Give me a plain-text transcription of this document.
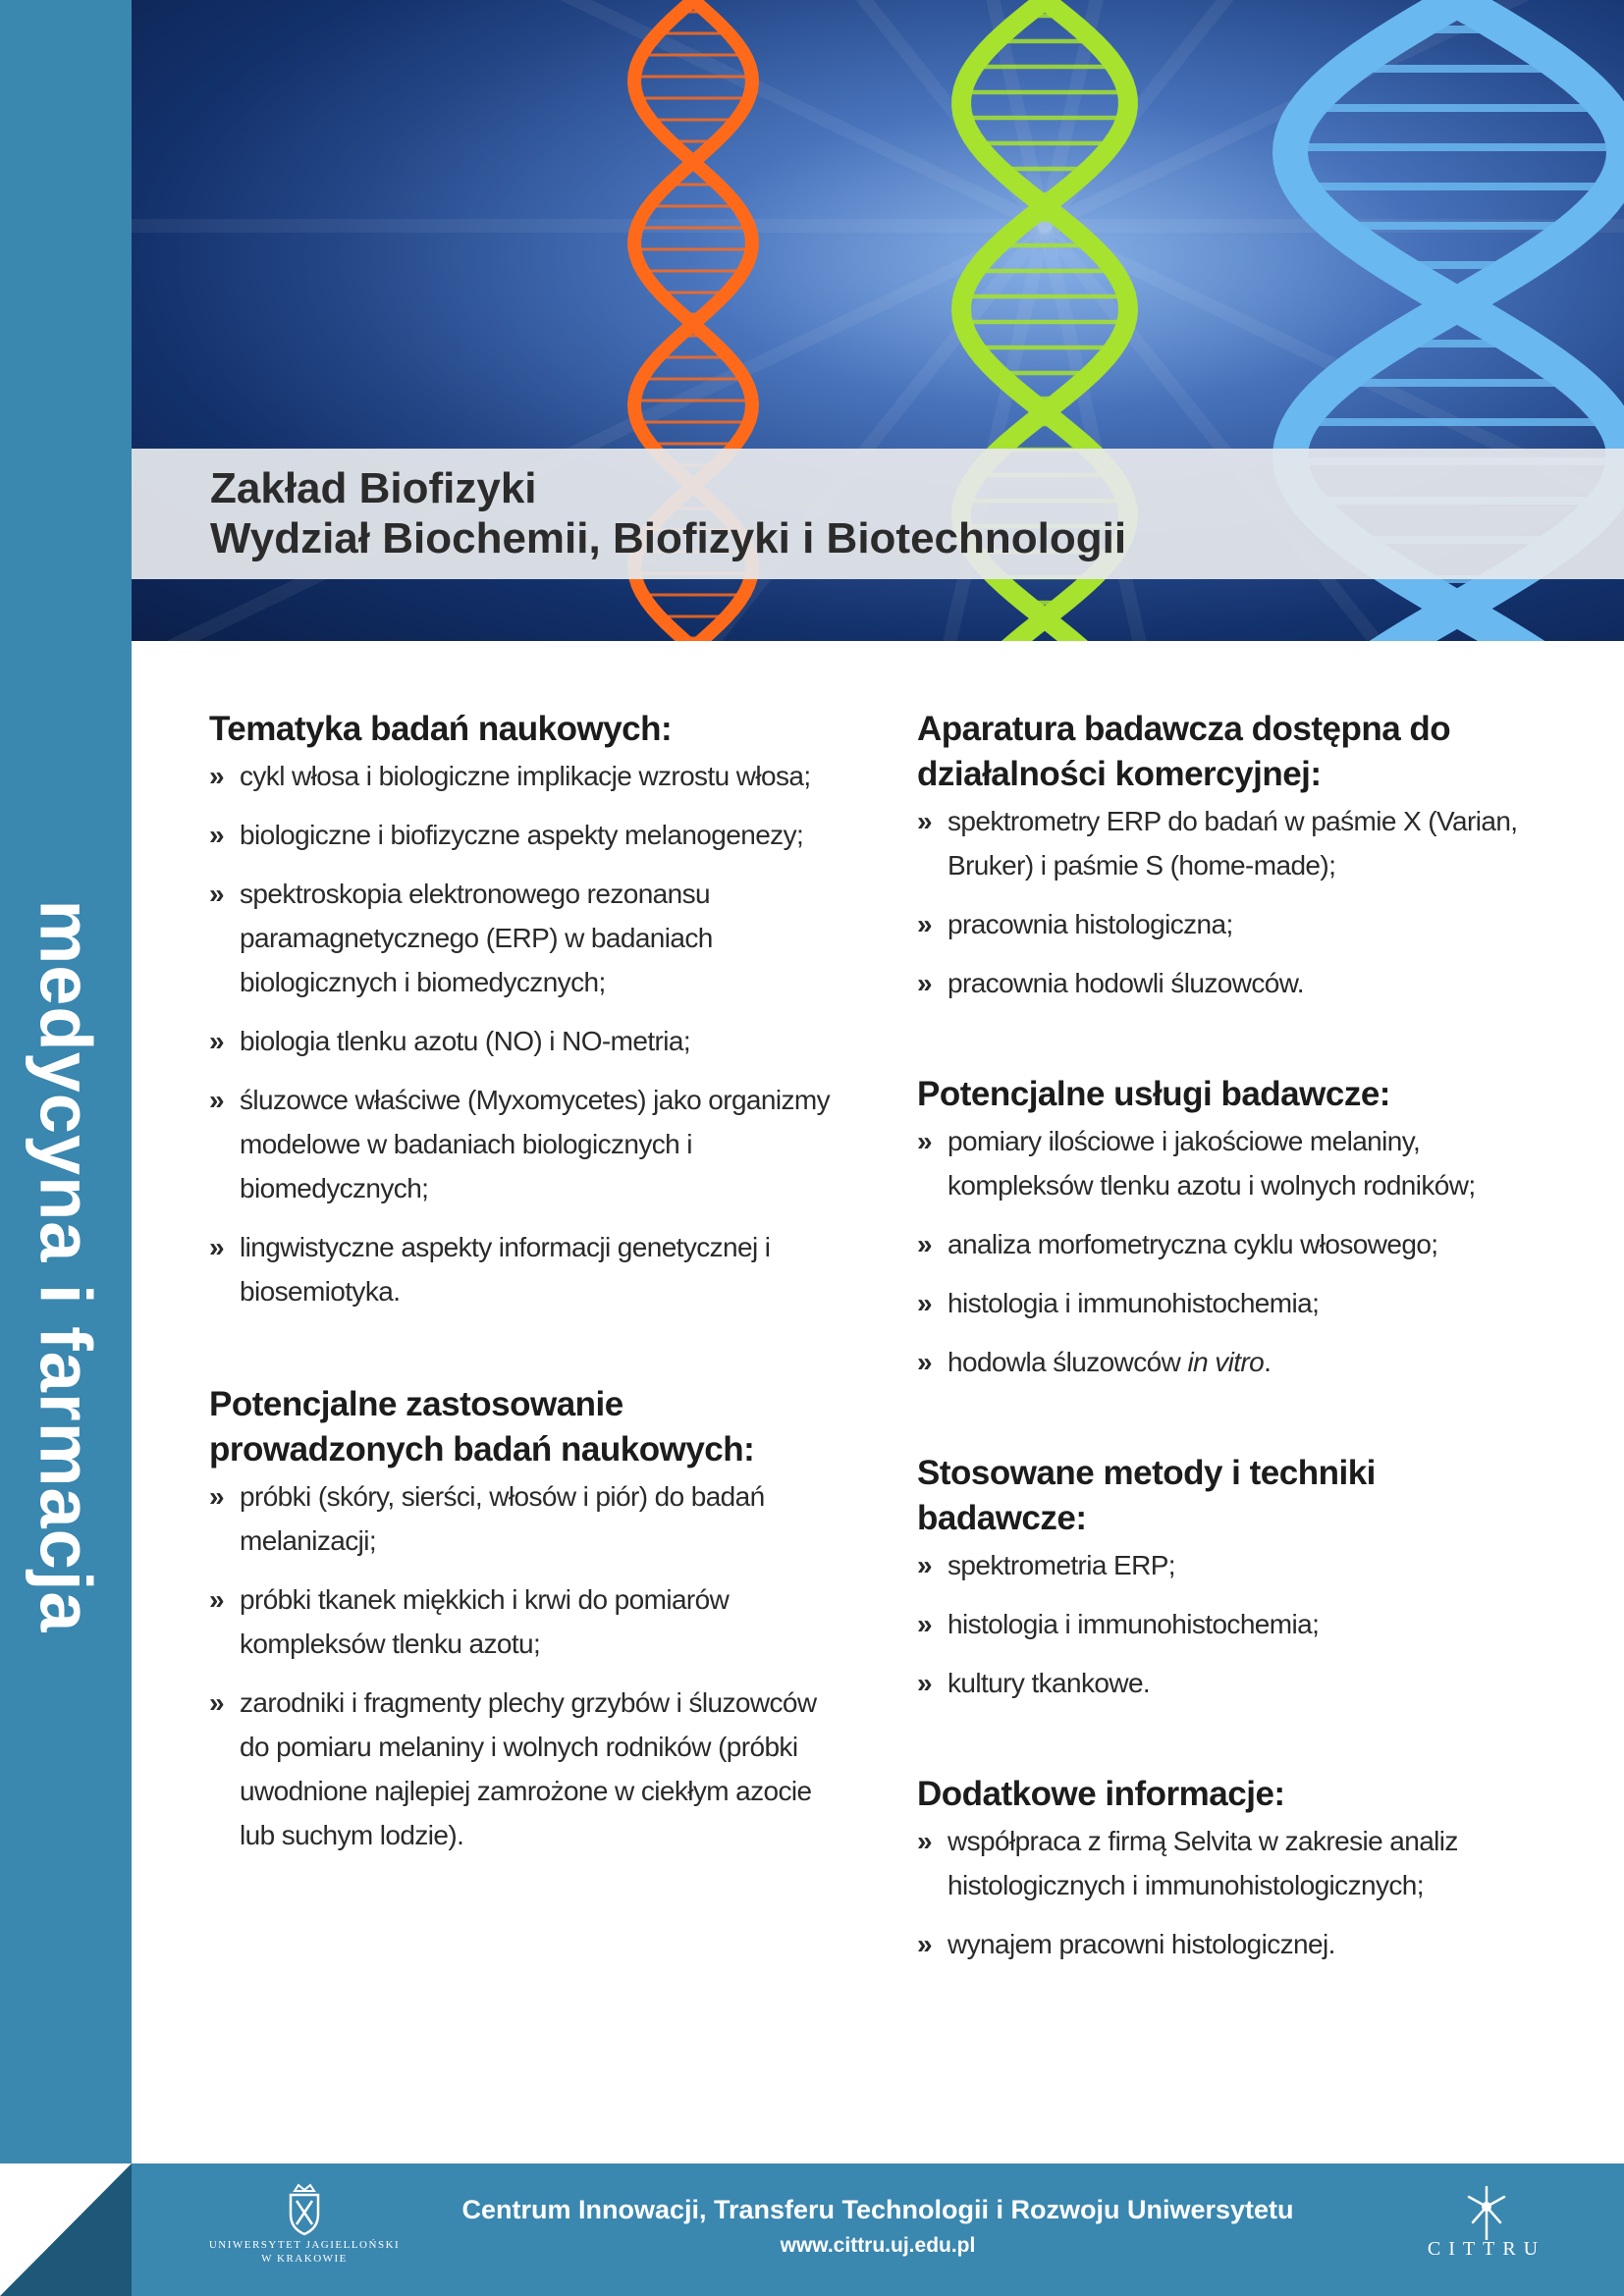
medycyna i farmacja
Zakład Biofizyki
Wydział Biochemii, Biofizyki i Biotechnologii
Tematyka badań naukowych:
» cykl włosa i biologiczne implikacje wzrostu włosa;
» biologiczne i biofizyczne aspekty melanogenezy;
» spektroskopia elektronowego rezonansu paramagnetycznego (ERP) w badaniach biologicznych i biomedycznych;
» biologia tlenku azotu (NO) i NO-metria;
» śluzowce właściwe (Myxomycetes) jako organizmy modelowe w badaniach biologicznych i biomedycznych;
» lingwistyczne aspekty informacji genetycznej i biosemiotyka.
Potencjalne zastosowanie prowadzonych badań naukowych:
» próbki (skóry, sierści, włosów i piór) do badań melanizacji;
» próbki tkanek miękkich i krwi do pomiarów kompleksów tlenku azotu;
» zarodniki i fragmenty plechy grzybów i śluzowców do pomiaru melaniny i wolnych rodników (próbki uwodnione najlepiej zamrożone w ciekłym azocie lub suchym lodzie).
Aparatura badawcza dostępna do działalności komercyjnej:
» spektrometry ERP do badań w paśmie X (Varian, Bruker) i paśmie S (home-made);
» pracownia histologiczna;
» pracownia hodowli śluzowców.
Potencjalne usługi badawcze:
» pomiary ilościowe i jakościowe melaniny, kompleksów tlenku azotu i wolnych rodników;
» analiza morfometryczna cyklu włosowego;
» histologia i immunohistochemia;
» hodowla śluzowców in vitro.
Stosowane metody i techniki badawcze:
» spektrometria ERP;
» histologia i immunohistochemia;
» kultury tkankowe.
Dodatkowe informacje:
» współpraca z firmą Selvita w zakresie analiz histologicznych i immunohistologicznych;
» wynajem pracowni histologicznej.
UNIWERSYTET JAGIELLOŃSKI
W KRAKOWIE
Centrum Innowacji, Transferu Technologii i Rozwoju Uniwersytetu
www.cittru.uj.edu.pl	CITTRU
